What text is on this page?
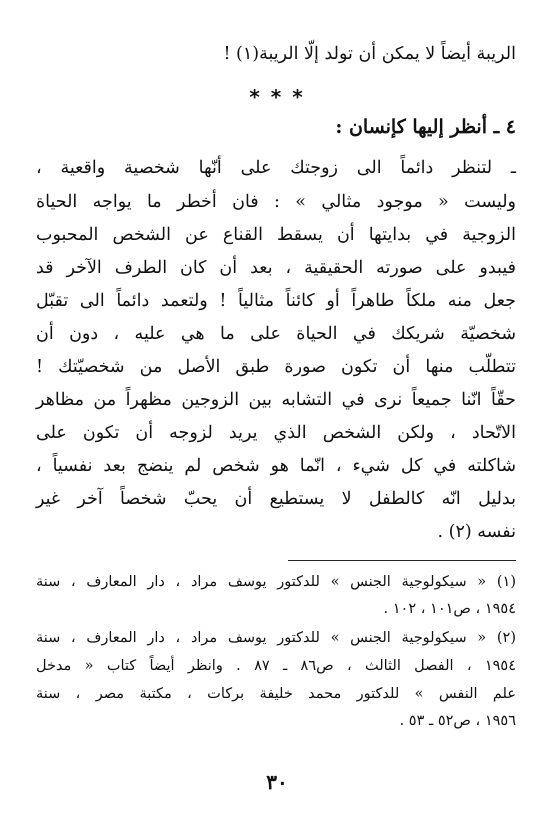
الريبة أيضاً لا يمكن أن تولد إلّا الريبة(١) !
* * *
٤ ـ أنظر إليها كإنسان :
ـ لتنظر دائماً الى زوجتك على أنّها شخصية واقعية ،
وليست « موجود مثالي » : فان أخطر ما يواجه الحياة
الزوجية في بدايتها أن يسقط القناع عن الشخص المحبوب
فيبدو على صورته الحقيقية ، بعد أن كان الطرف الآخر قد
جعل منه ملكاً طاهراً أو كائناً مثالياً ! ولتعمد دائماً الى تقبّل
شخصيّة شريكك في الحياة على ما هي عليه ، دون أن
تتطلّب منها أن تكون صورة طبق الأصل من شخصيّتك !
حقّاً انّنا جميعاً نرى في التشابه بين الزوجين مظهراً من مظاهر
الاتّحاد ، ولكن الشخص الذي يريد لزوجه أن تكون على
شاكلته في كل شيء ، انّما هو شخص لم ينضج بعد نفسياً ،
بدليل انّه كالطفل لا يستطيع أن يحبّ شخصاً آخر غير
نفسه (٢) .
(١) « سيكولوجية الجنس » للدكتور يوسف مراد ، دار المعارف ، سنة
١٩٥٤ ، ص١٠١ ، ١٠٢ .
(٢) « سيكولوجية الجنس » للدكتور يوسف مراد ، دار المعارف ، سنة
١٩٥٤ ، الفصل الثالث ، ص٨٦ ـ ٨٧ . وانظر أيضاً كتاب « مدخل
علم النفس » للدكتور محمد خليفة بركات ، مكتبة مصر ، سنة
١٩٥٦ ، ص٥٢ ـ ٥٣ .
٣٠
